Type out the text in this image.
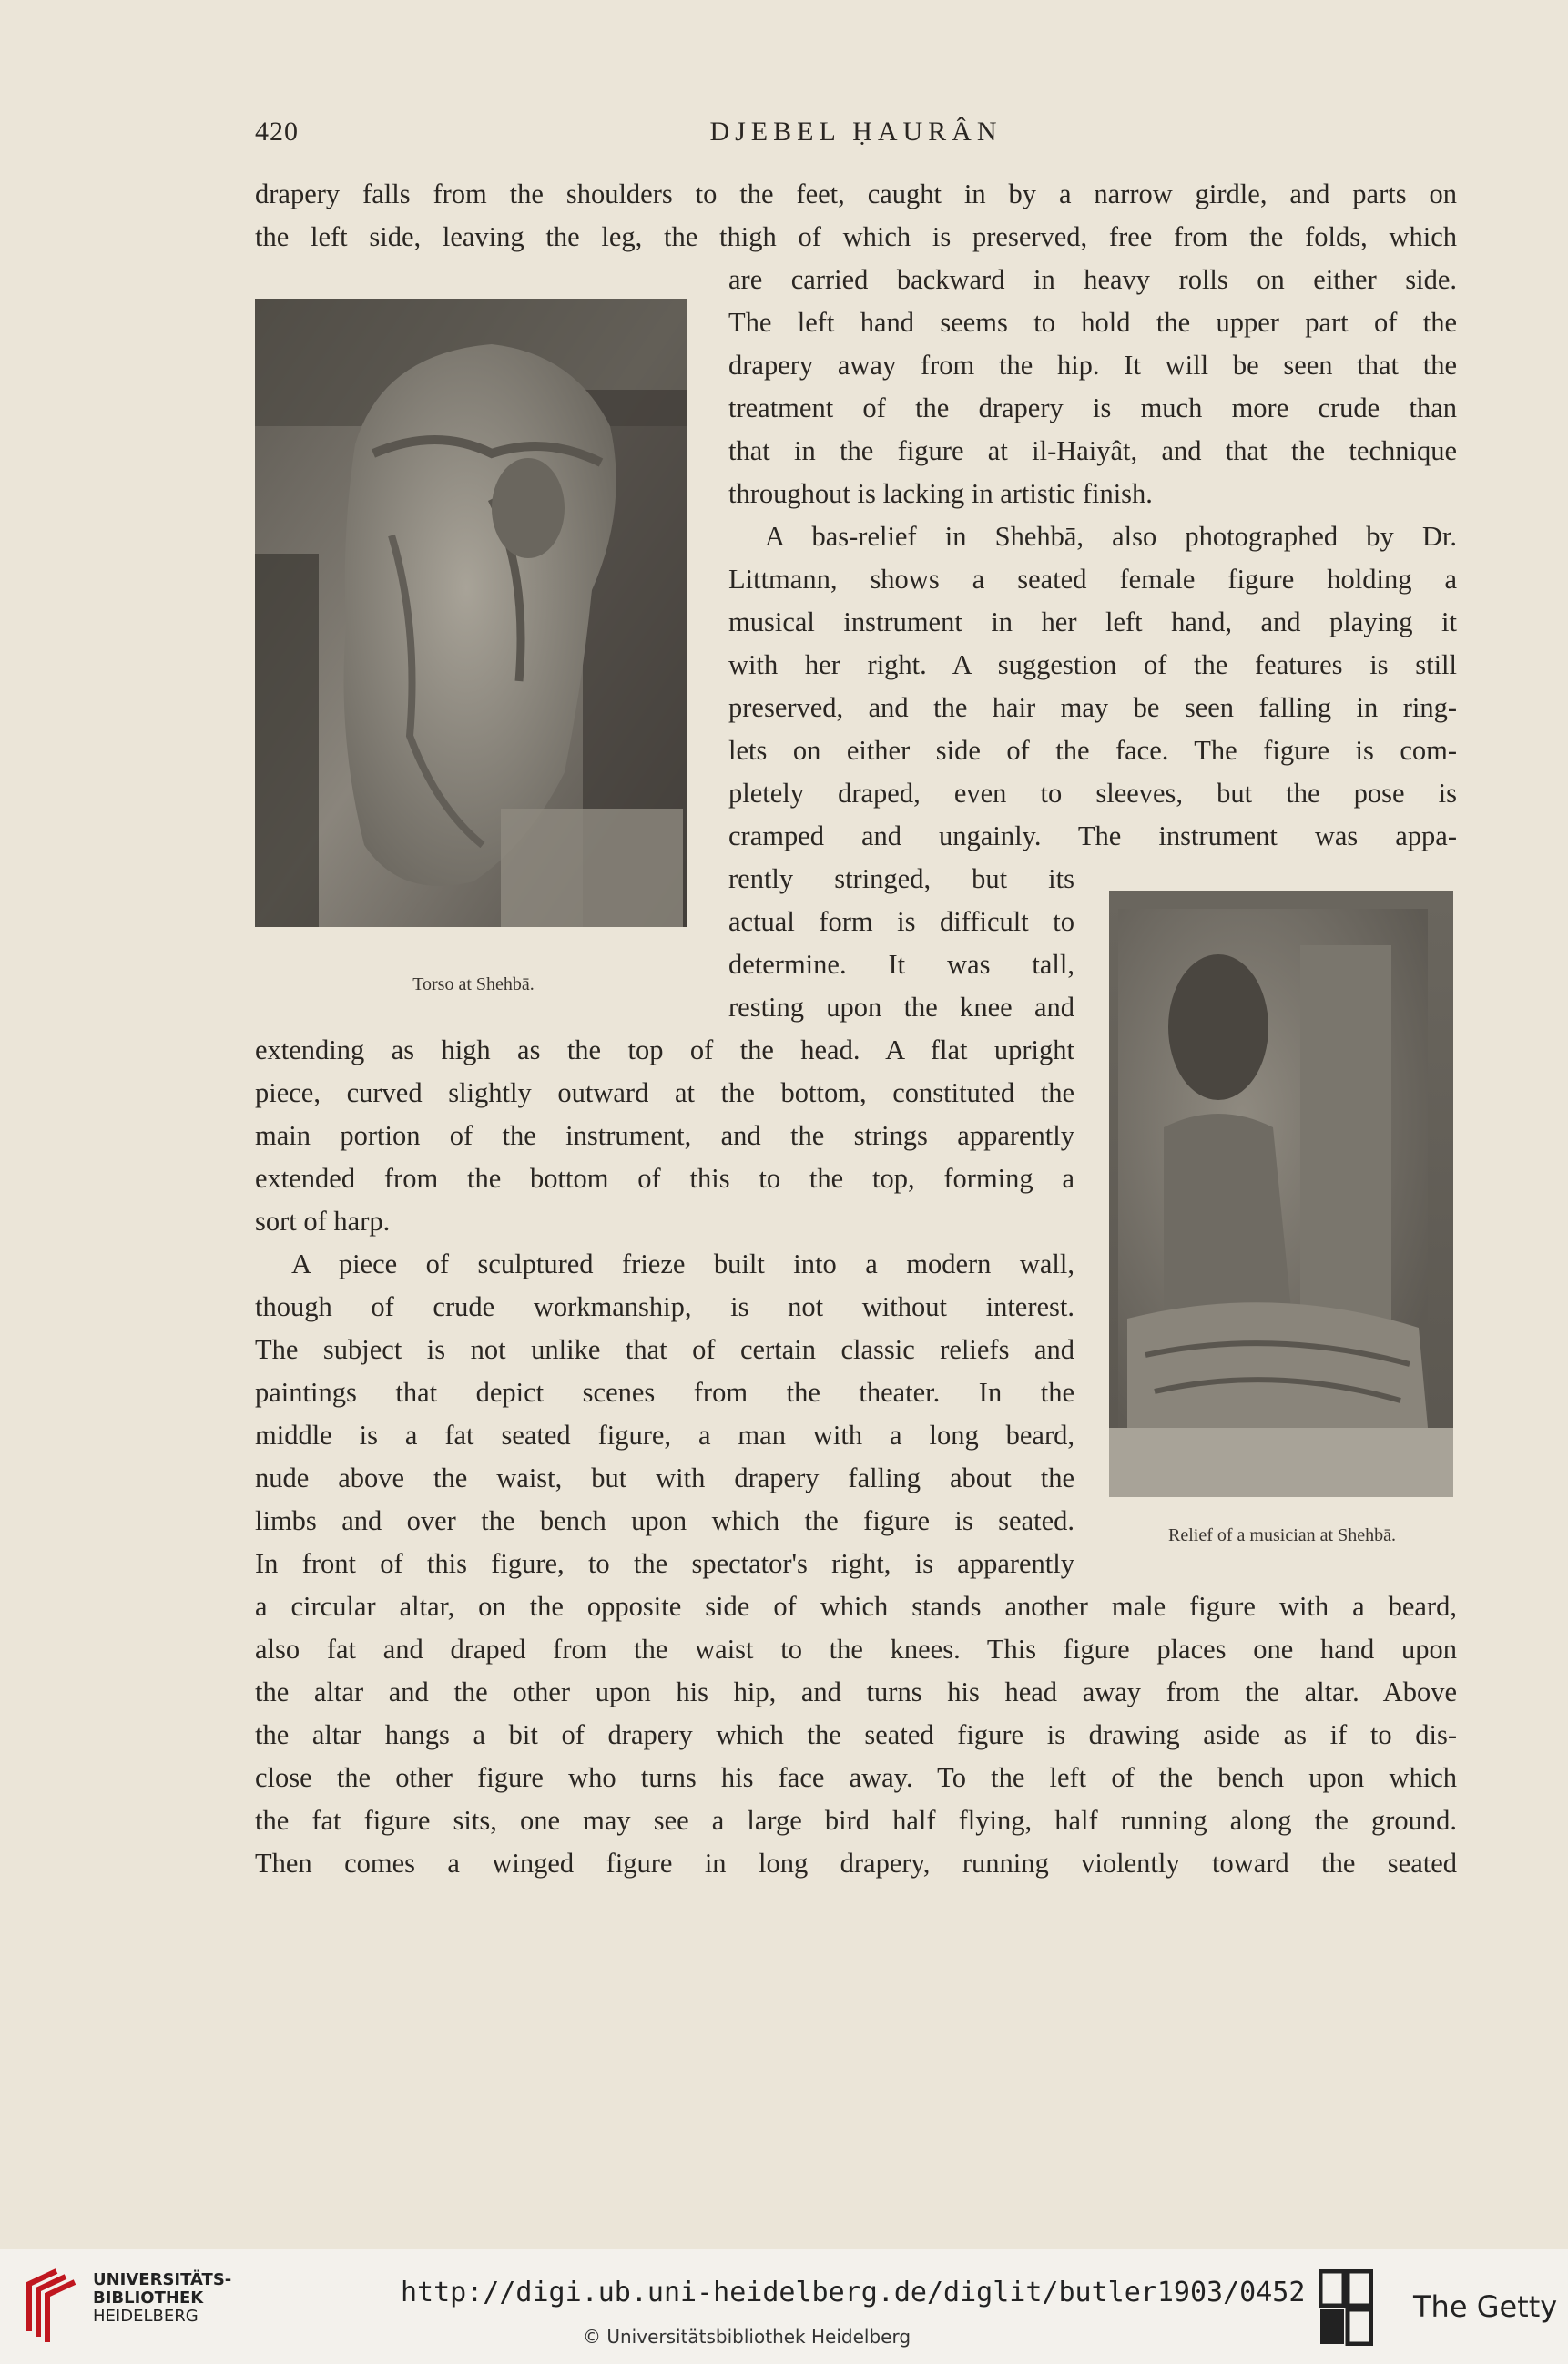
420	DJEBEL ḤAURÂN
drapery falls from the shoulders to the feet, caught in by a narrow girdle, and parts on
the left side, leaving the leg, the thigh of which is preserved, free from the folds, which
are carried backward in heavy rolls on either side.
The left hand seems to hold the upper part of the
drapery away from the hip. It will be seen that the
treatment of the drapery is much more crude than
that in the figure at il-Haiyât, and that the technique
throughout is lacking in artistic finish.
A bas-relief in Shehbā, also photographed by Dr.
Littmann, shows a seated female figure holding a
musical instrument in her left hand, and playing it
with her right. A suggestion of the features is still
preserved, and the hair may be seen falling in ring-
lets on either side of the face. The figure is com-
pletely draped, even to sleeves, but the pose is
cramped and ungainly. The instrument was appa-
rently stringed, but its
actual form is difficult to
determine. It was tall,
resting upon the knee and
extending as high as the top of the head. A flat upright
piece, curved slightly outward at the bottom, constituted the
main portion of the instrument, and the strings apparently
extended from the bottom of this to the top, forming a
sort of harp.
A piece of sculptured frieze built into a modern wall,
though of crude workmanship, is not without interest.
The subject is not unlike that of certain classic reliefs and
paintings that depict scenes from the theater. In the
middle is a fat seated figure, a man with a long beard,
nude above the waist, but with drapery falling about the
limbs and over the bench upon which the figure is seated.
In front of this figure, to the spectator's right, is apparently
a circular altar, on the opposite side of which stands another male figure with a beard,
also fat and draped from the waist to the knees. This figure places one hand upon
the altar and the other upon his hip, and turns his head away from the altar. Above
the altar hangs a bit of drapery which the seated figure is drawing aside as if to dis-
close the other figure who turns his face away. To the left of the bench upon which
the fat figure sits, one may see a large bird half flying, half running along the ground.
Then comes a winged figure in long drapery, running violently toward the seated
Torso at Shehbā.
Relief of a musician at Shehbā.
UNIVERSITÄTS-
BIBLIOTHEK
HEIDELBERG
http://digi.ub.uni-heidelberg.de/diglit/butler1903/0452
© Universitätsbibliothek Heidelberg
The Getty
